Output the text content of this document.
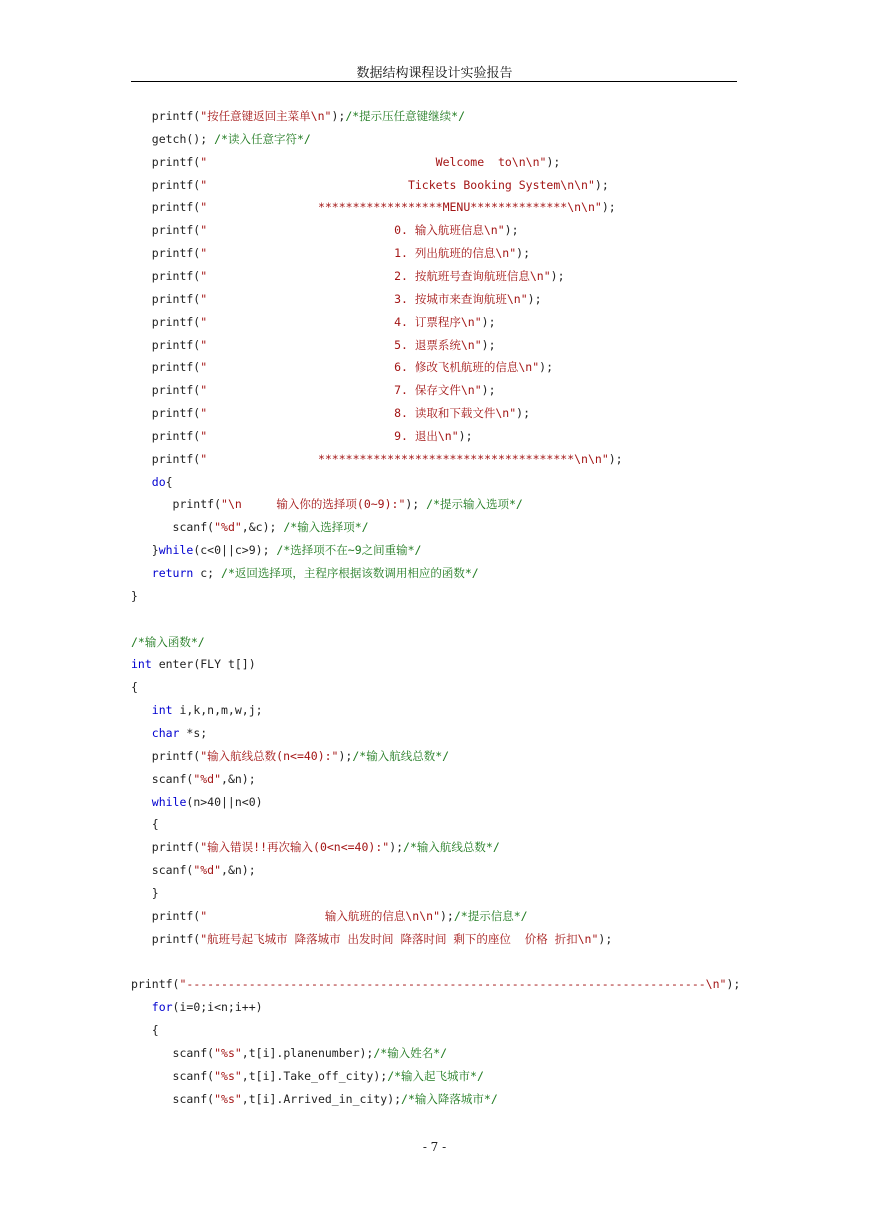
数据结构课程设计实验报告
printf("按任意键返回主菜单\n");/*提示压任意键继续*/
getch(); /*读入任意字符*/
printf("                                 Welcome  to\n\n");
printf("                             Tickets Booking System\n\n");
printf("                ******************MENU**************\n\n");
printf("                           0. 输入航班信息\n");
printf("                           1. 列出航班的信息\n");
printf("                           2. 按航班号查询航班信息\n");
printf("                           3. 按城市来查询航班\n");
printf("                           4. 订票程序\n");
printf("                           5. 退票系统\n");
printf("                           6. 修改飞机航班的信息\n");
printf("                           7. 保存文件\n");
printf("                           8. 读取和下载文件\n");
printf("                           9. 退出\n");
printf("                *************************************\n\n");
do{
printf("\n     输入你的选择项(0~9):"); /*提示输入选项*/
scanf("%d",&c); /*输入选择项*/
}while(c<0||c>9); /*选择项不在~9之间重输*/
return c; /*返回选择项，主程序根据该数调用相应的函数*/
}
/*输入函数*/
int enter(FLY t[])
{
int i,k,n,m,w,j;
char *s;
printf("输入航线总数(n<=40):");/*输入航线总数*/
scanf("%d",&n);
while(n>40||n<0)
{
printf("输入错误!!再次输入(0<n<=40):");/*输入航线总数*/
scanf("%d",&n);
}
printf("                 输入航班的信息\n\n");/*提示信息*/
printf("航班号起飞城市 降落城市 出发时间 降落时间 剩下的座位  价格 折扣\n");
printf("---------------------------------------------------------------------------\n");
for(i=0;i<n;i++)
{
scanf("%s",t[i].planenumber);/*输入姓名*/
scanf("%s",t[i].Take_off_city);/*输入起飞城市*/
scanf("%s",t[i].Arrived_in_city);/*输入降落城市*/
- 7 -
